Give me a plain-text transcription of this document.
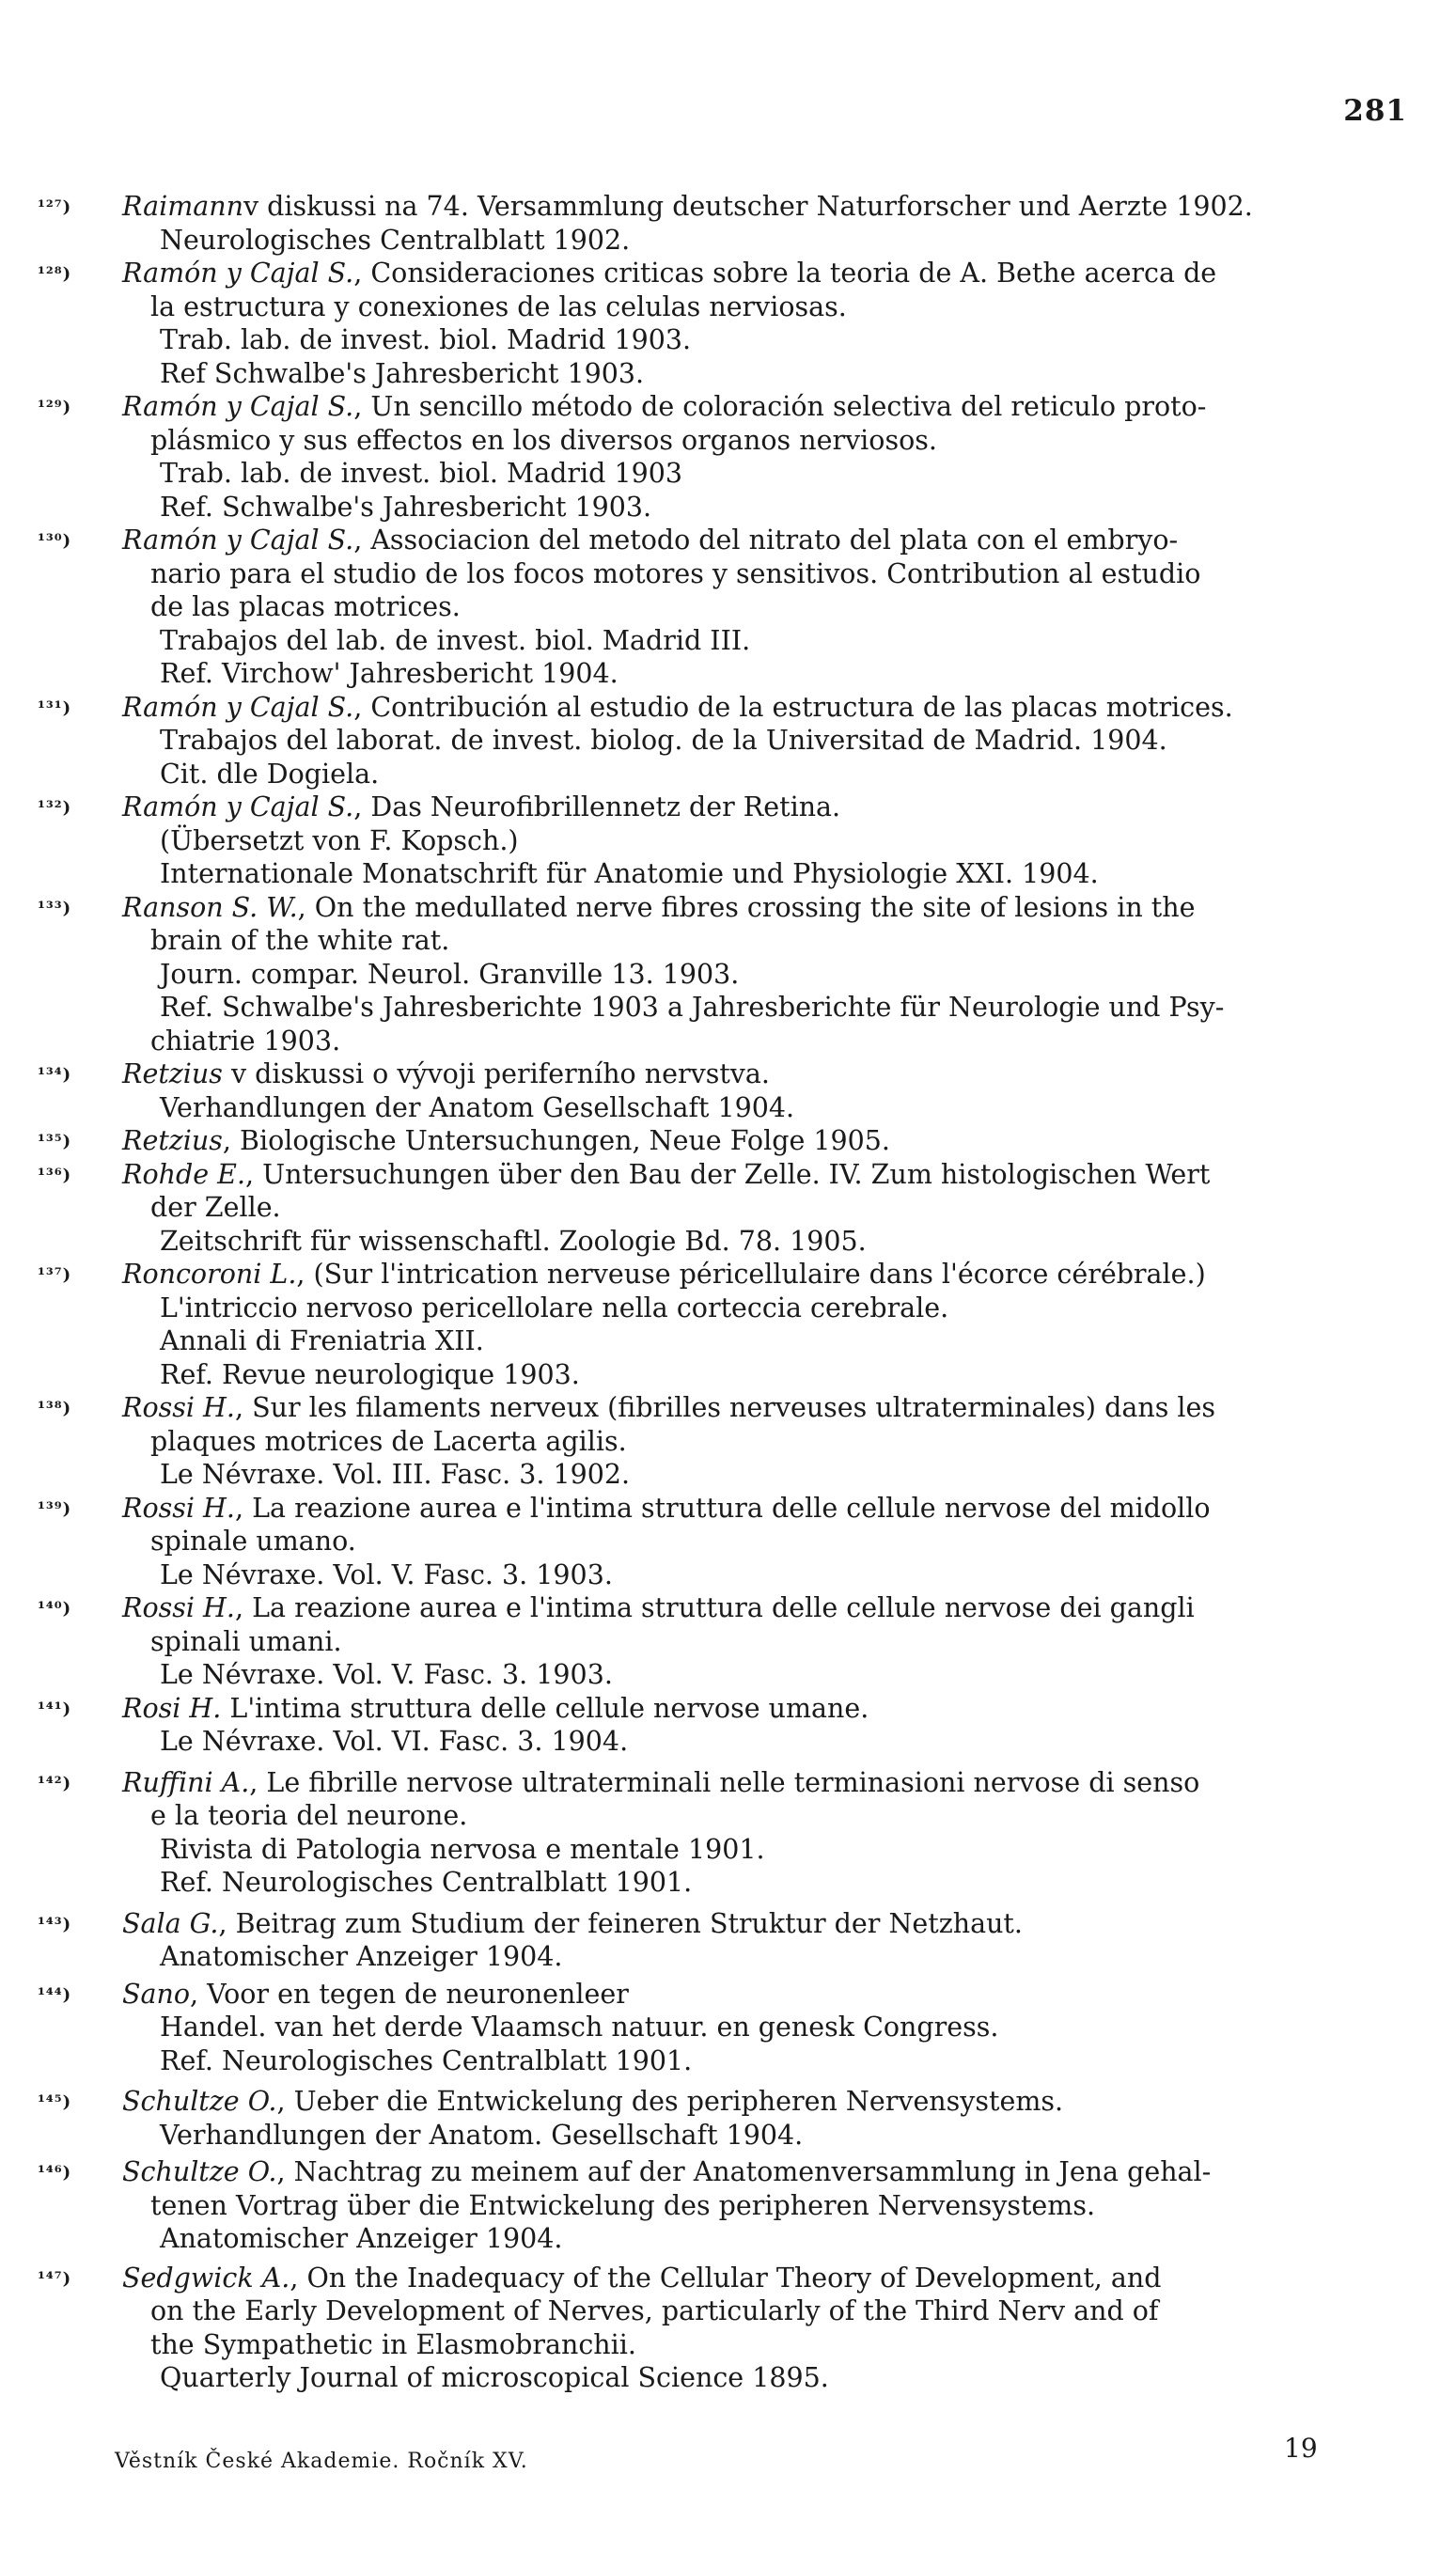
281
¹²⁷)	Raimannv diskussi na 74. Versammlung deutscher Naturforscher und Aerzte 1902.
Neurologisches Centralblatt 1902.
¹²⁸)	Ramón y Cajal S., Consideraciones criticas sobre la teoria de A. Bethe acerca de
la estructura y conexiones de las celulas nerviosas.
Trab. lab. de invest. biol. Madrid 1903.
Ref Schwalbe's Jahresbericht 1903.
¹²⁹)	Ramón y Cajal S., Un sencillo método de coloración selectiva del reticulo proto-
plásmico y sus effectos en los diversos organos nerviosos.
Trab. lab. de invest. biol. Madrid 1903
Ref. Schwalbe's Jahresbericht 1903.
¹³⁰)	Ramón y Cajal S., Associacion del metodo del nitrato del plata con el embryo-
nario para el studio de los focos motores y sensitivos. Contribution al estudio
de las placas motrices.
Trabajos del lab. de invest. biol. Madrid III.
Ref. Virchow' Jahresbericht 1904.
¹³¹)	Ramón y Cajal S., Contribución al estudio de la estructura de las placas motrices.
Trabajos del laborat. de invest. biolog. de la Universitad de Madrid. 1904.
Cit. dle Dogiela.
¹³²)	Ramón y Cajal S., Das Neurofibrillennetz der Retina.
(Übersetzt von F. Kopsch.)
Internationale Monatschrift für Anatomie und Physiologie XXI. 1904.
¹³³)	Ranson S. W., On the medullated nerve fibres crossing the site of lesions in the
brain of the white rat.
Journ. compar. Neurol. Granville 13. 1903.
Ref. Schwalbe's Jahresberichte 1903 a Jahresberichte für Neurologie und Psy-
chiatrie 1903.
¹³⁴)	Retzius v diskussi o vývoji periferního nervstva.
Verhandlungen der Anatom Gesellschaft 1904.
¹³⁵)	Retzius, Biologische Untersuchungen, Neue Folge 1905.
¹³⁶)	Rohde E., Untersuchungen über den Bau der Zelle. IV. Zum histologischen Wert
der Zelle.
Zeitschrift für wissenschaftl. Zoologie Bd. 78. 1905.
¹³⁷)	Roncoroni L., (Sur l'intrication nerveuse péricellulaire dans l'écorce cérébrale.)
L'intriccio nervoso pericellolare nella corteccia cerebrale.
Annali di Freniatria XII.
Ref. Revue neurologique 1903.
¹³⁸)	Rossi H., Sur les filaments nerveux (fibrilles nerveuses ultraterminales) dans les
plaques motrices de Lacerta agilis.
Le Névraxe. Vol. III. Fasc. 3. 1902.
¹³⁹)	Rossi H., La reazione aurea e l'intima struttura delle cellule nervose del midollo
spinale umano.
Le Névraxe. Vol. V. Fasc. 3. 1903.
¹⁴⁰)	Rossi H., La reazione aurea e l'intima struttura delle cellule nervose dei gangli
spinali umani.
Le Névraxe. Vol. V. Fasc. 3. 1903.
¹⁴¹)	Rosi H. L'intima struttura delle cellule nervose umane.
Le Névraxe. Vol. VI. Fasc. 3. 1904.
¹⁴²)	Ruffini A., Le fibrille nervose ultraterminali nelle terminasioni nervose di senso
e la teoria del neurone.
Rivista di Patologia nervosa e mentale 1901.
Ref. Neurologisches Centralblatt 1901.
¹⁴³)	Sala G., Beitrag zum Studium der feineren Struktur der Netzhaut.
Anatomischer Anzeiger 1904.
¹⁴⁴)	Sano, Voor en tegen de neuronenleer
Handel. van het derde Vlaamsch natuur. en genesk Congress.
Ref. Neurologisches Centralblatt 1901.
¹⁴⁵)	Schultze O., Ueber die Entwickelung des peripheren Nervensystems.
Verhandlungen der Anatom. Gesellschaft 1904.
¹⁴⁶)	Schultze O., Nachtrag zu meinem auf der Anatomenversammlung in Jena gehal-
tenen Vortrag über die Entwickelung des peripheren Nervensystems.
Anatomischer Anzeiger 1904.
¹⁴⁷)	Sedgwick A., On the Inadequacy of the Cellular Theory of Development, and
on the Early Development of Nerves, particularly of the Third Nerv and of
the Sympathetic in Elasmobranchii.
Quarterly Journal of microscopical Science 1895.
Věstník České Akademie. Ročník XV.	19
